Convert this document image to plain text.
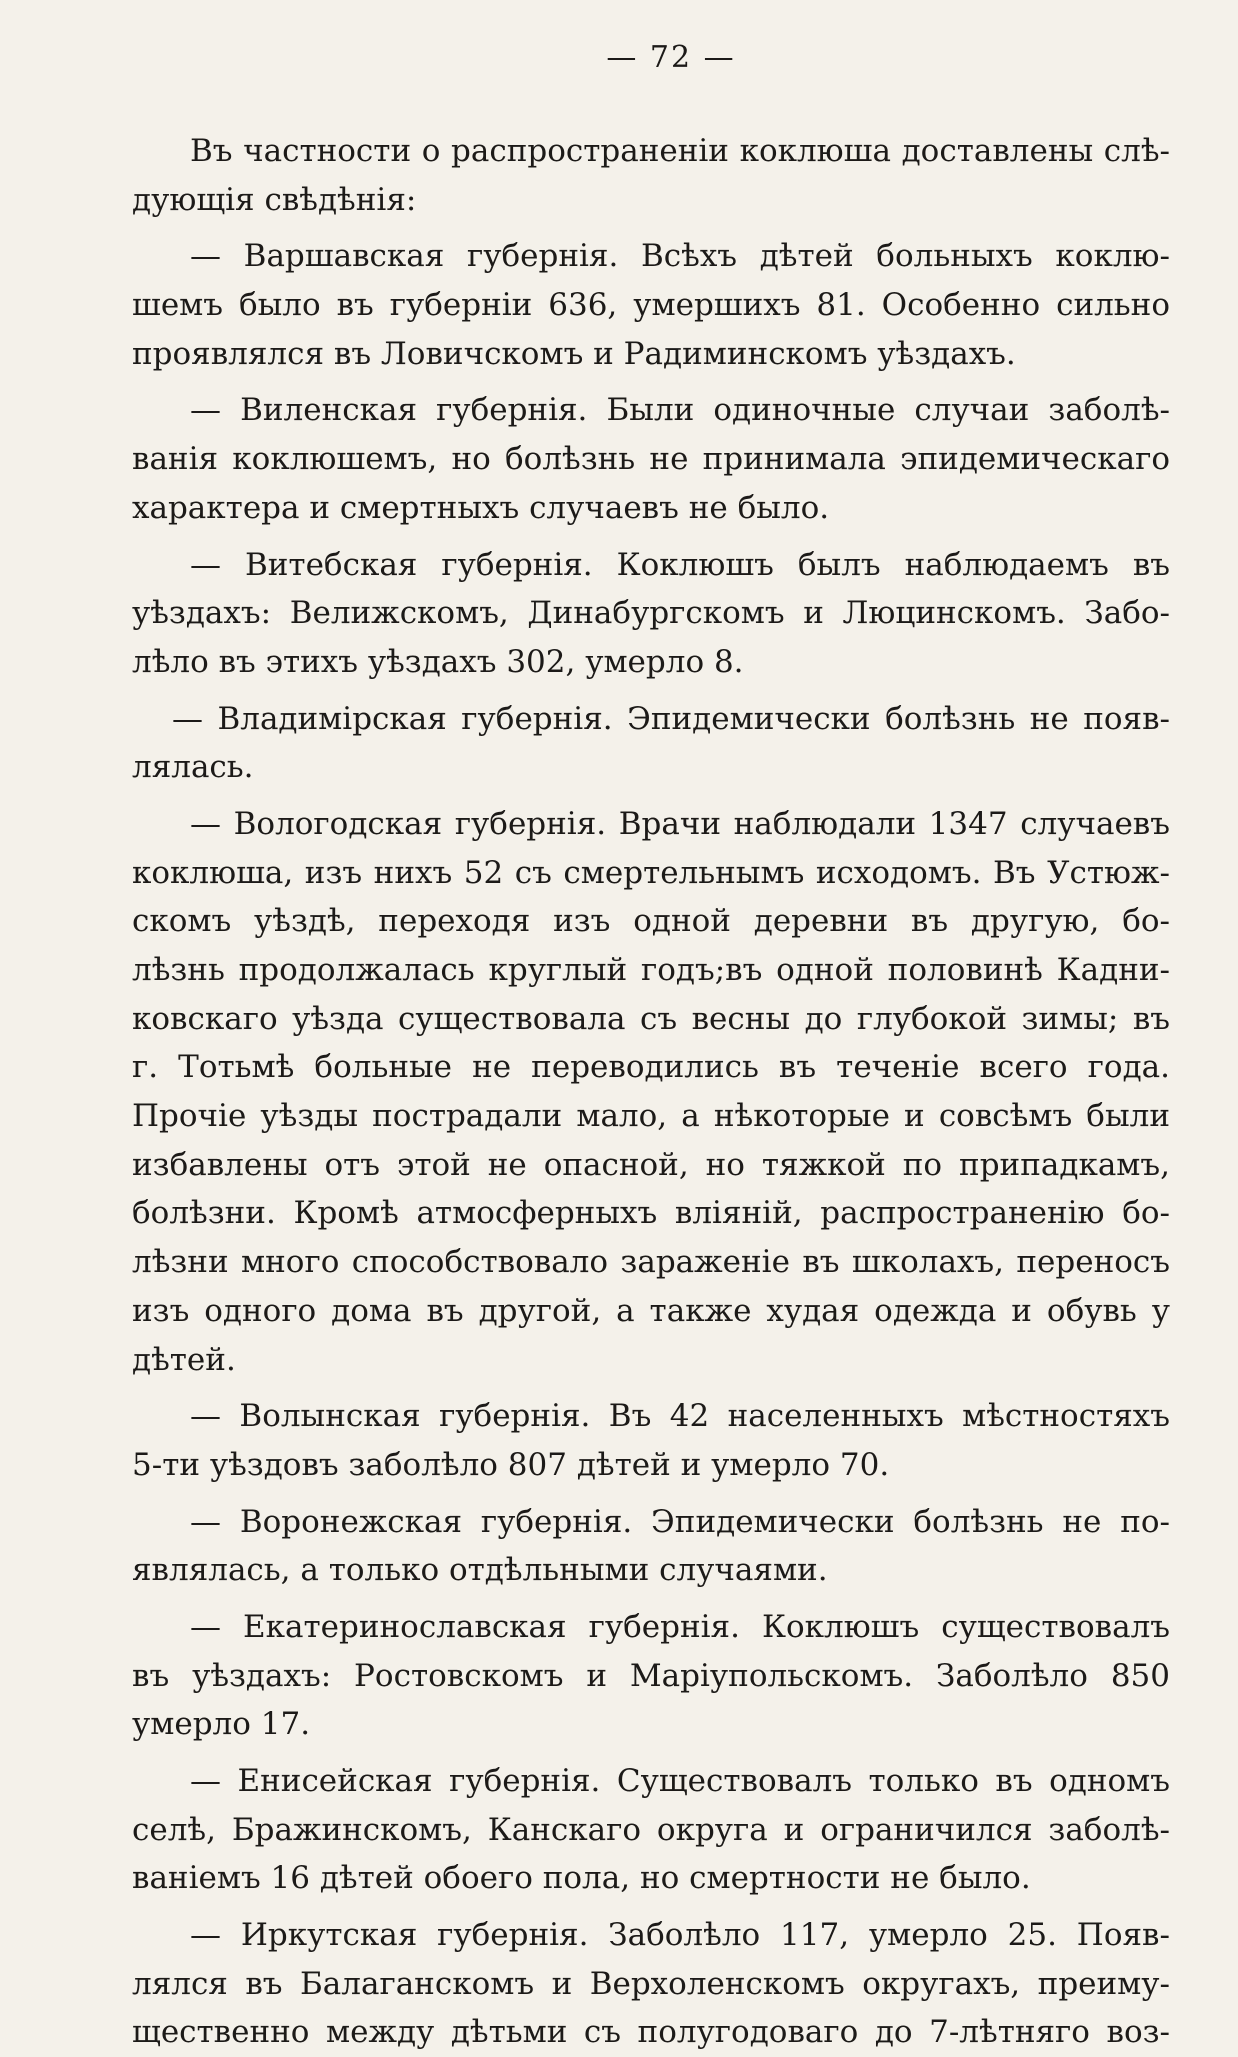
— 72 —
Въ частности о распространеніи коклюша доставлены слѣ-
дующія свѣдѣнія:
— Варшавская губернія. Всѣхъ дѣтей больныхъ коклю-
шемъ было въ губерніи 636, умершихъ 81. Особенно сильно
проявлялся въ Ловичскомъ и Радиминскомъ уѣздахъ.
— Виленская губернія. Были одиночные случаи заболѣ-
ванія коклюшемъ, но болѣзнь не принимала эпидемическаго
характера и смертныхъ случаевъ не было.
— Витебская губернія. Коклюшъ былъ наблюдаемъ въ
уѣздахъ: Велижскомъ, Динабургскомъ и Люцинскомъ. Забо-
лѣло въ этихъ уѣздахъ 302, умерло 8.
— Владимірская губернія. Эпидемически болѣзнь не появ-
лялась.
— Вологодская губернія. Врачи наблюдали 1347 случаевъ
коклюша, изъ нихъ 52 съ смертельнымъ исходомъ. Въ Устюж-
скомъ уѣздѣ, переходя изъ одной деревни въ другую, бо-
лѣзнь продолжалась круглый годъ;въ одной половинѣ Кадни-
ковскаго уѣзда существовала съ весны до глубокой зимы; въ
г. Тотьмѣ больные не переводились въ теченіе всего года.
Прочіе уѣзды пострадали мало, а нѣкоторые и совсѣмъ были
избавлены отъ этой не опасной, но тяжкой по припадкамъ,
болѣзни. Кромѣ атмосферныхъ вліяній, распространенію бо-
лѣзни много способствовало зараженіе въ школахъ, переносъ
изъ одного дома въ другой, а также худая одежда и обувь у
дѣтей.
— Волынская губернія. Въ 42 населенныхъ мѣстностяхъ
5-ти уѣздовъ заболѣло 807 дѣтей и умерло 70.
— Воронежская губернія. Эпидемически болѣзнь не по-
являлась, а только отдѣльными случаями.
— Екатеринославская губернія. Коклюшъ существовалъ
въ уѣздахъ: Ростовскомъ и Маріупольскомъ. Заболѣло 850
умерло 17.
— Енисейская губернія. Существовалъ только въ одномъ
селѣ, Бражинскомъ, Канскаго округа и ограничился заболѣ-
ваніемъ 16 дѣтей обоего пола, но смертности не было.
— Иркутская губернія. Заболѣло 117, умерло 25. Появ-
лялся въ Балаганскомъ и Верхоленскомъ округахъ, преиму-
щественно между дѣтьми съ полугодоваго до 7-лѣтняго воз-
